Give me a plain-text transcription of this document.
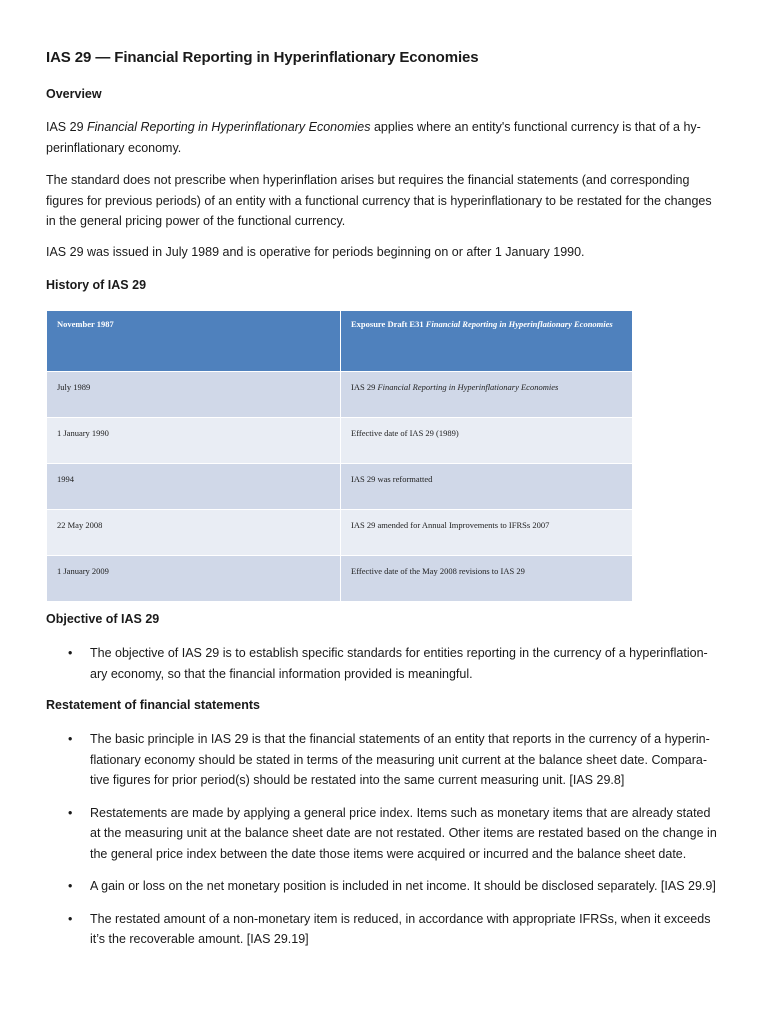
IAS 29 — Financial Reporting in Hyperinflationary Economies
Overview
IAS 29 Financial Reporting in Hyperinflationary Economies applies where an entity's functional currency is that of a hy-perinflationary economy.
The standard does not prescribe when hyperinflation arises but requires the financial statements (and corresponding figures for previous periods) of an entity with a functional currency that is hyperinflationary to be restated for the changes in the general pricing power of the functional currency.
IAS 29 was issued in July 1989 and is operative for periods beginning on or after 1 January 1990.
History of IAS 29
November 1987	Exposure Draft E31 Financial Reporting in Hyperinflationary Economies
July 1989	IAS 29 Financial Reporting in Hyperinflationary Economies
1 January 1990	Effective date of IAS 29 (1989)
1994	IAS 29 was reformatted
22 May 2008	IAS 29 amended for Annual Improvements to IFRSs 2007
1 January 2009	Effective date of the May 2008 revisions to IAS 29
Objective of IAS 29
• The objective of IAS 29 is to establish specific standards for entities reporting in the currency of a hyperinflation-ary economy, so that the financial information provided is meaningful.
Restatement of financial statements
• The basic principle in IAS 29 is that the financial statements of an entity that reports in the currency of a hyperin-flationary economy should be stated in terms of the measuring unit current at the balance sheet date. Compara-tive figures for prior period(s) should be restated into the same current measuring unit. [IAS 29.8]
• Restatements are made by applying a general price index. Items such as monetary items that are already stated at the measuring unit at the balance sheet date are not restated. Other items are restated based on the change in the general price index between the date those items were acquired or incurred and the balance sheet date.
• A gain or loss on the net monetary position is included in net income. It should be disclosed separately. [IAS 29.9]
• The restated amount of a non-monetary item is reduced, in accordance with appropriate IFRSs, when it exceeds it’s the recoverable amount. [IAS 29.19]
